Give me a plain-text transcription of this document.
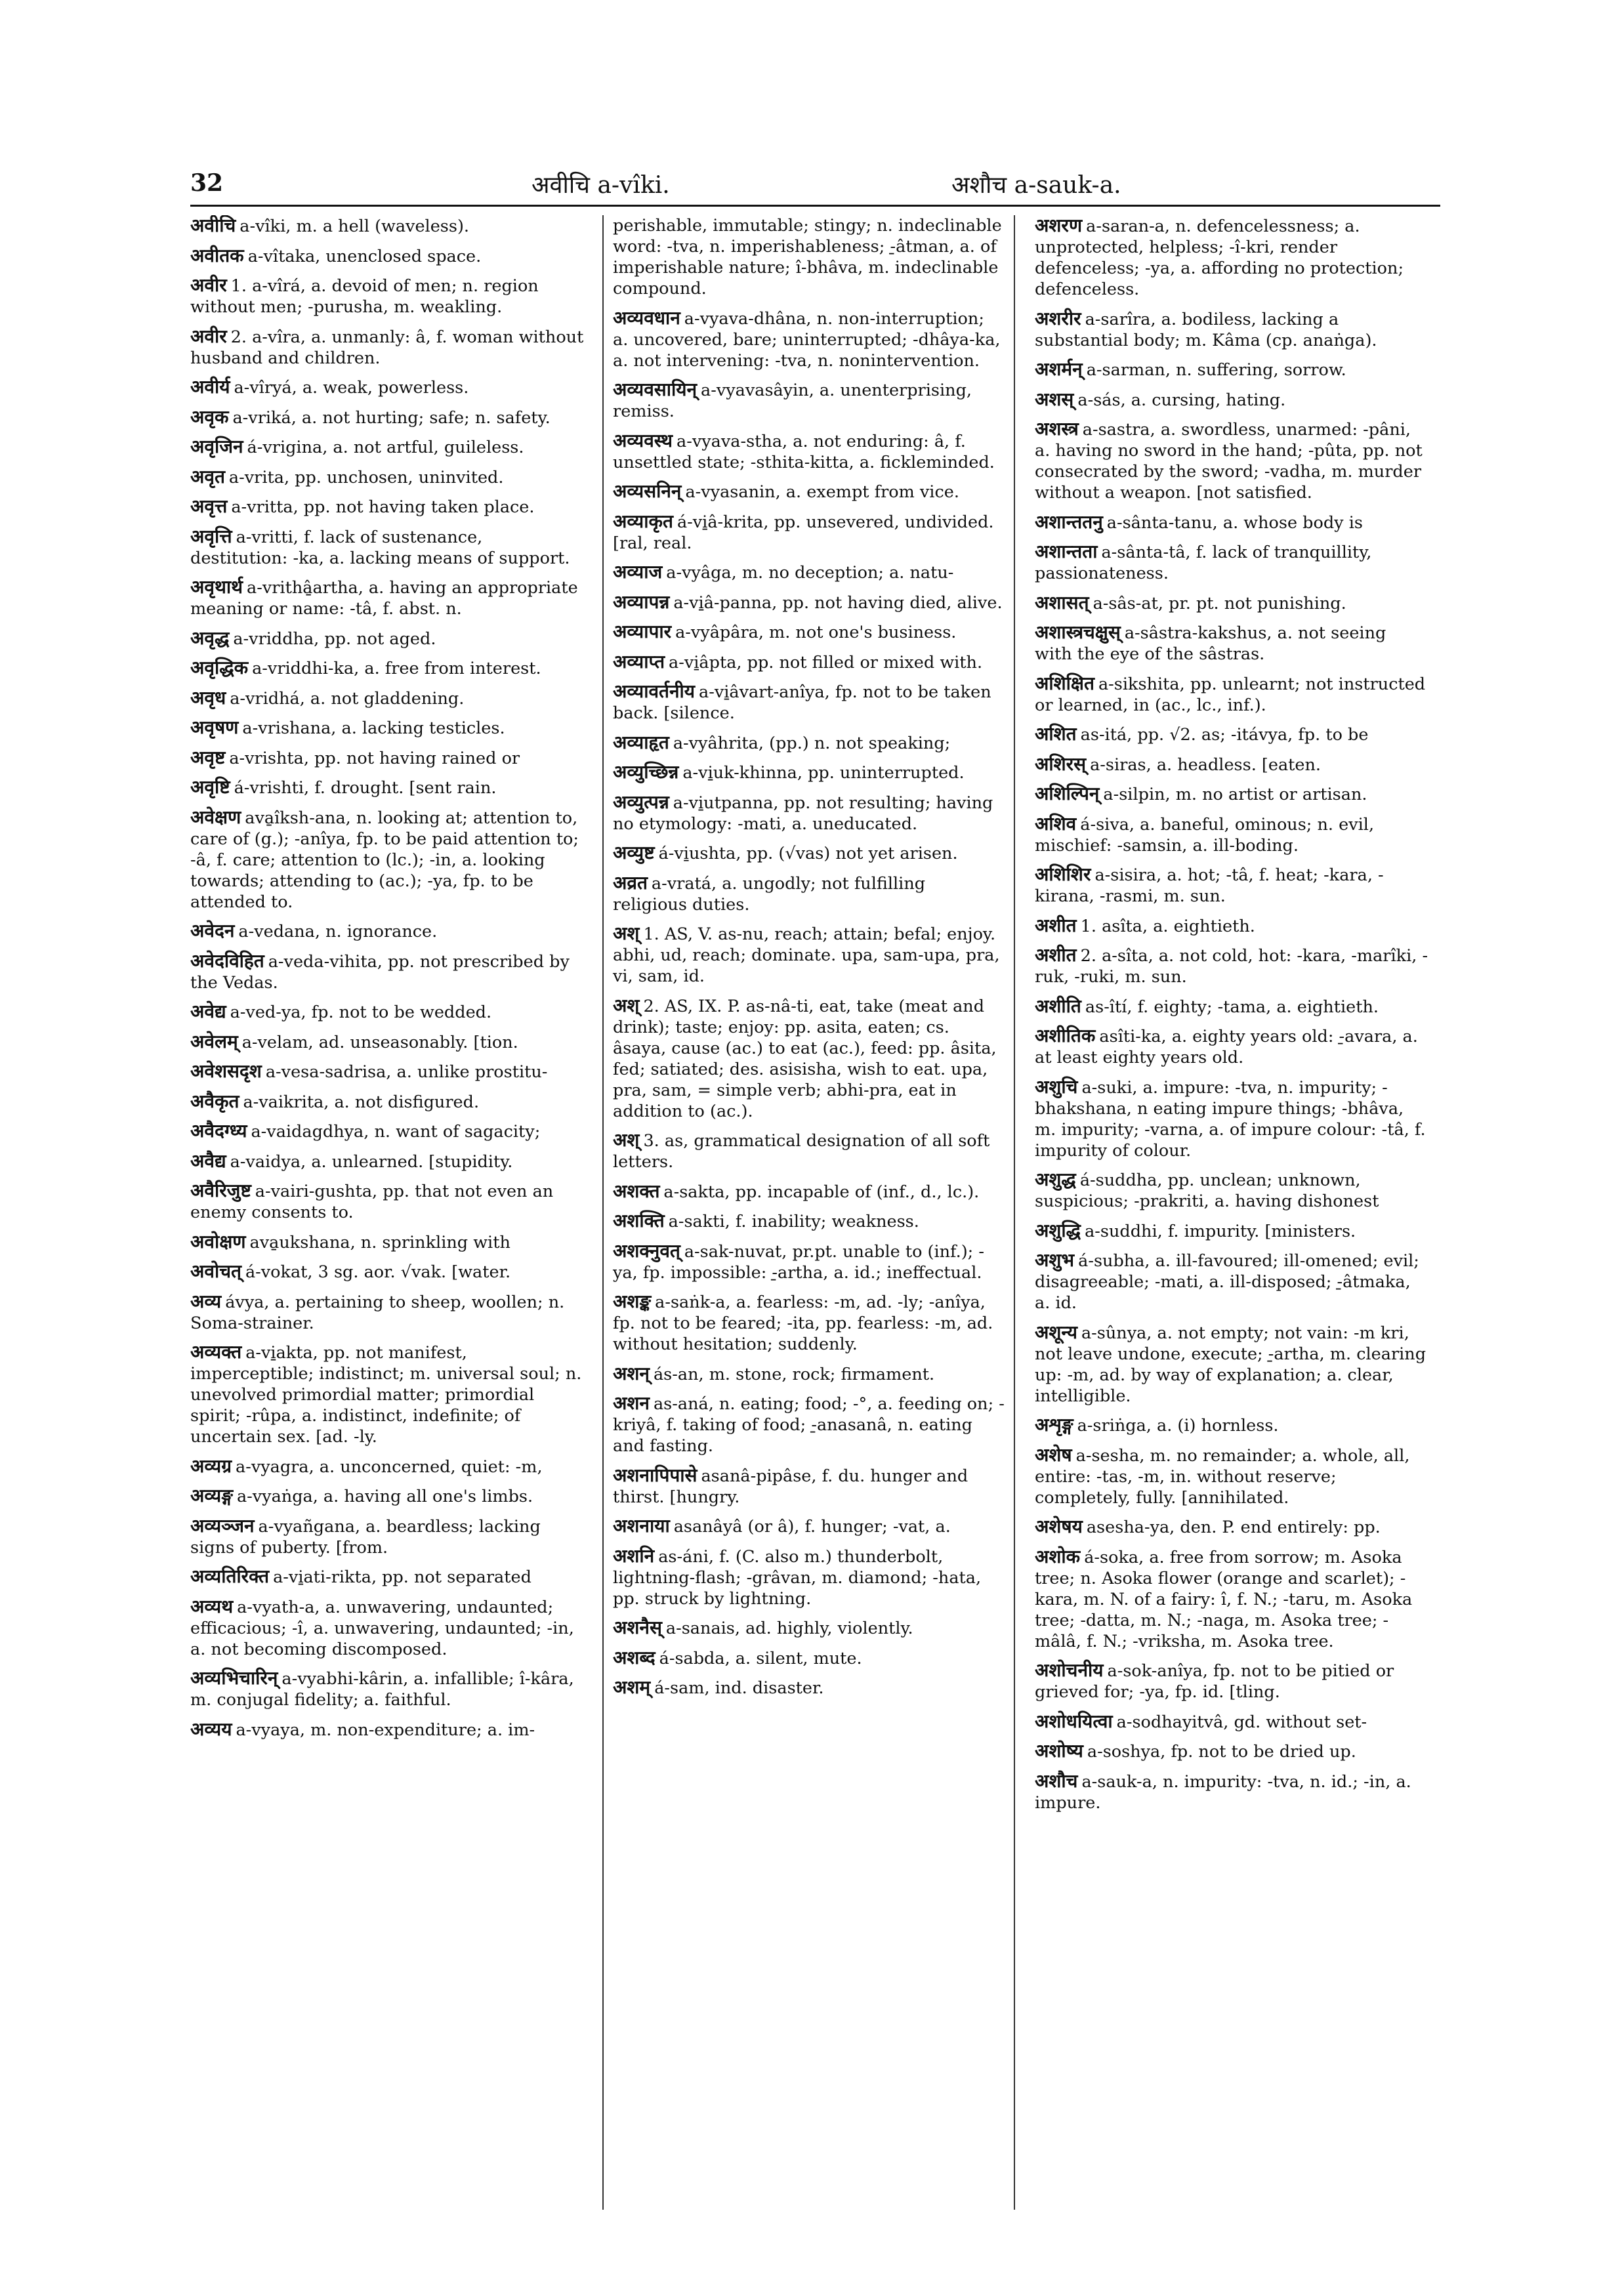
32	अवीचि a-vîki.	अशौच a-sauk-a.
अवीचि a-vîki, m. a hell (waveless).
अवीतक a-vîtaka, unenclosed space.
अवीर 1. a-vîrá, a. devoid of men; n. region without men; -purusha, m. weakling.
अवीर 2. a-vîra, a. unmanly: â, f. woman without husband and children.
अवीर्य a-vîryá, a. weak, powerless.
अवृक a-vriká, a. not hurting; safe; n. safety.
अवृजिन á-vrigina, a. not artful, guileless.
अवृत a-vrita, pp. unchosen, uninvited.
अवृत्त a-vritta, pp. not having taken place.
अवृत्ति a-vritti, f. lack of sustenance, destitution: -ka, a. lacking means of support.
अवृथार्थ a-vrithâ̱artha, a. having an appropriate meaning or name: -tâ, f. abst. n.
अवृद्ध a-vriddha, pp. not aged.
अवृद्धिक a-vriddhi-ka, a. free from interest.
अवृध a-vridhá, a. not gladdening.
अवृषण a-vrishana, a. lacking testicles.
अवृष्ट a-vrishta, pp. not having rained or
अवृष्टि á-vrishti, f. drought. [sent rain.
अवेक्षण ava̱îksh-ana, n. looking at; attention to, care of (g.); -anîya, fp. to be paid attention to; -â, f. care; attention to (lc.); -in, a. looking towards; attending to (ac.); -ya, fp. to be attended to.
अवेदन a-vedana, n. ignorance.
अवेदविहित a-veda-vihita, pp. not prescribed by the Vedas.
अवेद्य a-ved-ya, fp. not to be wedded.
अवेलम् a-velam, ad. unseasonably. [tion.
अवेशसदृश a-vesa-sadrisa, a. unlike prostitu-
अवैकृत a-vaikrita, a. not disfigured.
अवैदग्ध्य a-vaidagdhya, n. want of sagacity;
अवैद्य a-vaidya, a. unlearned. [stupidity.
अवैरिजुष्ट a-vairi-gushta, pp. that not even an enemy consents to.
अवोक्षण ava̱ukshana, n. sprinkling with
अवोचत् á-vokat, 3 sg. aor. √vak. [water.
अव्य ávya, a. pertaining to sheep, woollen; n. Soma-strainer.
अव्यक्त a-vi̱akta, pp. not manifest, imperceptible; indistinct; m. universal soul; n. unevolved primordial matter; primordial spirit; -rûpa, a. indistinct, indefinite; of uncertain sex. [ad. -ly.
अव्यग्र a-vyagra, a. unconcerned, quiet: -m,
अव्यङ्ग a-vyaṅga, a. having all one's limbs.
अव्यञ्जन a-vyañgana, a. beardless; lacking signs of puberty. [from.
अव्यतिरिक्त a-vi̱ati-rikta, pp. not separated
अव्यथ a-vyath-a, a. unwavering, undaunted; efficacious; -î, a. unwavering, undaunted; -in, a. not becoming discomposed.
अव्यभिचारिन् a-vyabhi-kârin, a. infallible; î-kâra, m. conjugal fidelity; a. faithful.
अव्यय a-vyaya, m. non-expenditure; a. im-
perishable, immutable; stingy; n. indeclinable word: -tva, n. imperishableness; -̱âtman, a. of imperishable nature; î-bhâva, m. indeclinable compound.
अव्यवधान a-vyava-dhâna, n. non-interruption; a. uncovered, bare; uninterrupted; -dhâya-ka, a. not intervening: -tva, n. nonintervention.
अव्यवसायिन् a-vyavasâyin, a. unenterprising, remiss.
अव्यवस्थ a-vyava-stha, a. not enduring: â, f. unsettled state; -sthita-kitta, a. fickleminded.
अव्यसनिन् a-vyasanin, a. exempt from vice.
अव्याकृत á-vi̱â-krita, pp. unsevered, undivided. [ral, real.
अव्याज a-vyâga, m. no deception; a. natu-
अव्यापन्न a-vi̱â-panna, pp. not having died, alive.
अव्यापार a-vyâpâra, m. not one's business.
अव्याप्त a-vi̱âpta, pp. not filled or mixed with.
अव्यावर्तनीय a-vi̱âvart-anîya, fp. not to be taken back. [silence.
अव्याहृत a-vyâhrita, (pp.) n. not speaking;
अव्युच्छिन्न a-vi̱uk-khinna, pp. uninterrupted.
अव्युत्पन्न a-vi̱utpanna, pp. not resulting; having no etymology: -mati, a. uneducated.
अव्युष्ट á-vi̱ushta, pp. (√vas) not yet arisen.
अव्रत a-vratá, a. ungodly; not fulfilling religious duties.
अश् 1. AS, V. as-nu, reach; attain; befal; enjoy. abhi, ud, reach; dominate. upa, sam-upa, pra, vi, sam, id.
अश् 2. AS, IX. P. as-nâ-ti, eat, take (meat and drink); taste; enjoy: pp. asita, eaten; cs. âsaya, cause (ac.) to eat (ac.), feed: pp. âsita, fed; satiated; des. asisisha, wish to eat. upa, pra, sam, = simple verb; abhi-pra, eat in addition to (ac.).
अश् 3. as, grammatical designation of all soft letters.
अशक्त a-sakta, pp. incapable of (inf., d., lc.).
अशक्ति a-sakti, f. inability; weakness.
अशक्नुवत् a-sak-nuvat, pr.pt. unable to (inf.); -ya, fp. impossible: -̱artha, a. id.; ineffectual.
अशङ्क a-saṅk-a, a. fearless: -m, ad. -ly; -anîya, fp. not to be feared; -ita, pp. fearless: -m, ad. without hesitation; suddenly.
अशन् ás-an, m. stone, rock; firmament.
अशन as-aná, n. eating; food; -°, a. feeding on; -kriyâ, f. taking of food; -̱anasanâ, n. eating and fasting.
अशनापिपासे asanâ-pipâse, f. du. hunger and thirst. [hungry.
अशनाया asanâyâ (or â), f. hunger; -vat, a.
अशनि as-áni, f. (C. also m.) thunderbolt, lightning-flash; -grâvan, m. diamond; -hata, pp. struck by lightning.
अशनैस् a-sanais, ad. highly, violently.
अशब्द á-sabda, a. silent, mute.
अशम् á-sam, ind. disaster.
अशरण a-saran-a, n. defencelessness; a. unprotected, helpless; -î-kri, render defenceless; -ya, a. affording no protection; defenceless.
अशरीर a-sarîra, a. bodiless, lacking a substantial body; m. Kâma (cp. anaṅga).
अशर्मन् a-sarman, n. suffering, sorrow.
अशस् a-sás, a. cursing, hating.
अशस्त्र a-sastra, a. swordless, unarmed: -pâni, a. having no sword in the hand; -pûta, pp. not consecrated by the sword; -vadha, m. murder without a weapon. [not satisfied.
अशान्ततनु a-sânta-tanu, a. whose body is
अशान्तता a-sânta-tâ, f. lack of tranquillity, passionateness.
अशासत् a-sâs-at, pr. pt. not punishing.
अशास्त्रचक्षुस् a-sâstra-kakshus, a. not seeing with the eye of the sâstras.
अशिक्षित a-sikshita, pp. unlearnt; not instructed or learned, in (ac., lc., inf.).
अशित as-itá, pp. √2. as; -itávya, fp. to be
अशिरस् a-siras, a. headless. [eaten.
अशिल्पिन् a-silpin, m. no artist or artisan.
अशिव á-siva, a. baneful, ominous; n. evil, mischief: -samsin, a. ill-boding.
अशिशिर a-sisira, a. hot; -tâ, f. heat; -kara, -kirana, -rasmi, m. sun.
अशीत 1. asîta, a. eightieth.
अशीत 2. a-sîta, a. not cold, hot: -kara, -marîki, -ruk, -ruki, m. sun.
अशीति as-îtí, f. eighty; -tama, a. eightieth.
अशीतिक asîti-ka, a. eighty years old: -̱avara, a. at least eighty years old.
अशुचि a-suki, a. impure: -tva, n. impurity; -bhakshana, n eating impure things; -bhâva, m. impurity; -varna, a. of impure colour: -tâ, f. impurity of colour.
अशुद्ध á-suddha, pp. unclean; unknown, suspicious; -prakriti, a. having dishonest
अशुद्धि a-suddhi, f. impurity. [ministers.
अशुभ á-subha, a. ill-favoured; ill-omened; evil; disagreeable; -mati, a. ill-disposed; -̱âtmaka, a. id.
अशून्य a-sûnya, a. not empty; not vain: -m kri, not leave undone, execute; -̱artha, m. clearing up: -m, ad. by way of explanation; a. clear, intelligible.
अशृङ्ग a-sriṅga, a. (i) hornless.
अशेष a-sesha, m. no remainder; a. whole, all, entire: -tas, -m, in. without reserve; completely, fully. [annihilated.
अशेषय asesha-ya, den. P. end entirely: pp.
अशोक á-soka, a. free from sorrow; m. Asoka tree; n. Asoka flower (orange and scarlet); -kara, m. N. of a fairy: î, f. N.; -taru, m. Asoka tree; -datta, m. N.; -naga, m. Asoka tree; -mâlâ, f. N.; -vriksha, m. Asoka tree.
अशोचनीय a-sok-anîya, fp. not to be pitied or grieved for; -ya, fp. id. [tling.
अशोधयित्वा a-sodhayitvâ, gd. without set-
अशोष्य a-soshya, fp. not to be dried up.
अशौच a-sauk-a, n. impurity: -tva, n. id.; -in, a. impure.
